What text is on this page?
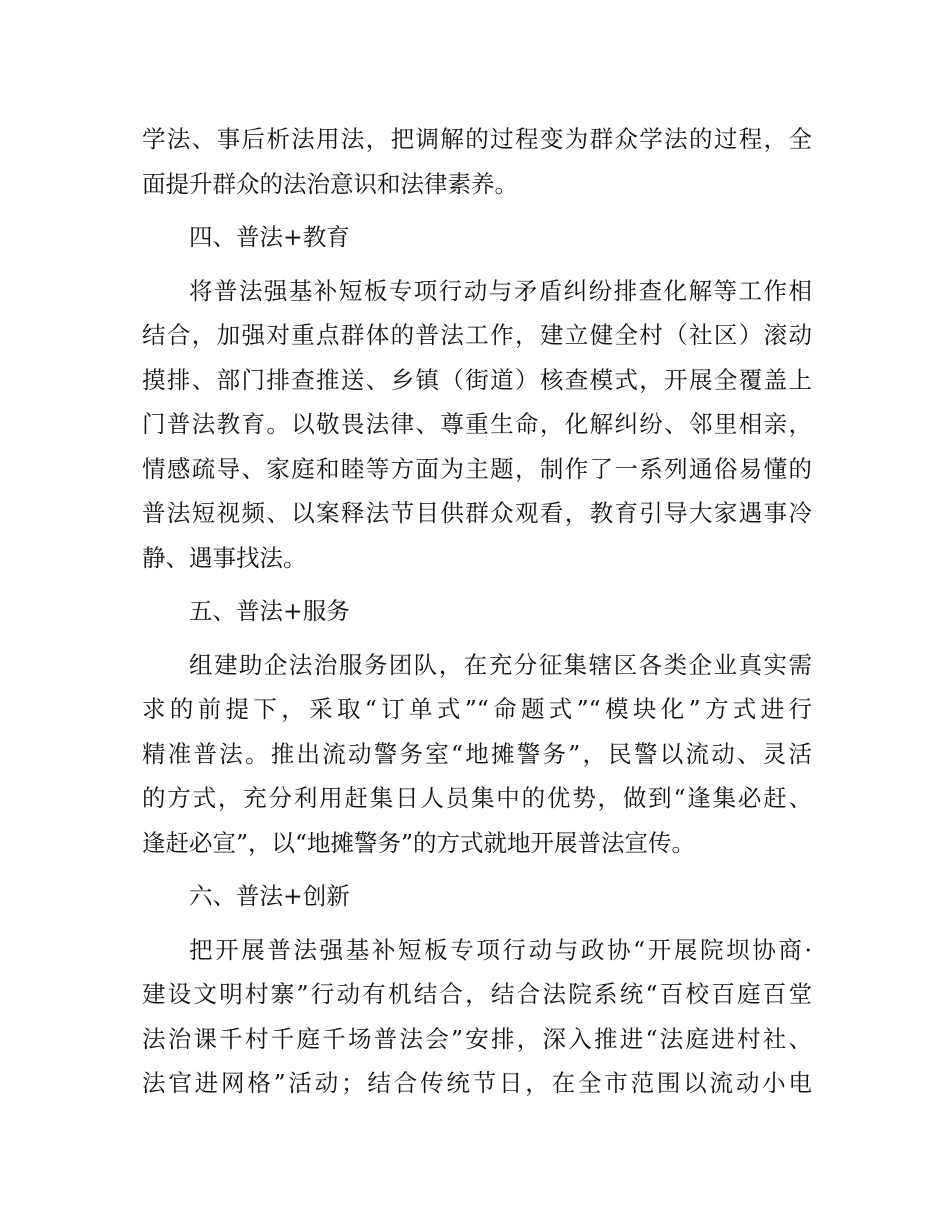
学法、事后析法用法，把调解的过程变为群众学法的过程，全
面提升群众的法治意识和法律素养。
四、普法+教育
将普法强基补短板专项行动与矛盾纠纷排查化解等工作相
结合，加强对重点群体的普法工作，建立健全村（社区）滚动
摸排、部门排查推送、乡镇（街道）核查模式，开展全覆盖上
门普法教育。以敬畏法律、尊重生命，化解纠纷、邻里相亲，
情感疏导、家庭和睦等方面为主题，制作了一系列通俗易懂的
普法短视频、以案释法节目供群众观看，教育引导大家遇事冷
静、遇事找法。
五、普法+服务
组建助企法治服务团队，在充分征集辖区各类企业真实需
求的前提下，采取“订单式”“命题式”“模块化”方式进行
精准普法。推出流动警务室“地摊警务”，民警以流动、灵活
的方式，充分利用赶集日人员集中的优势，做到“逢集必赶、
逢赶必宣”，以“地摊警务”的方式就地开展普法宣传。
六、普法+创新
把开展普法强基补短板专项行动与政协“开展院坝协商·
建设文明村寨”行动有机结合，结合法院系统“百校百庭百堂
法治课千村千庭千场普法会”安排，深入推进“法庭进村社、
法官进网格”活动；结合传统节日，在全市范围以流动小电
